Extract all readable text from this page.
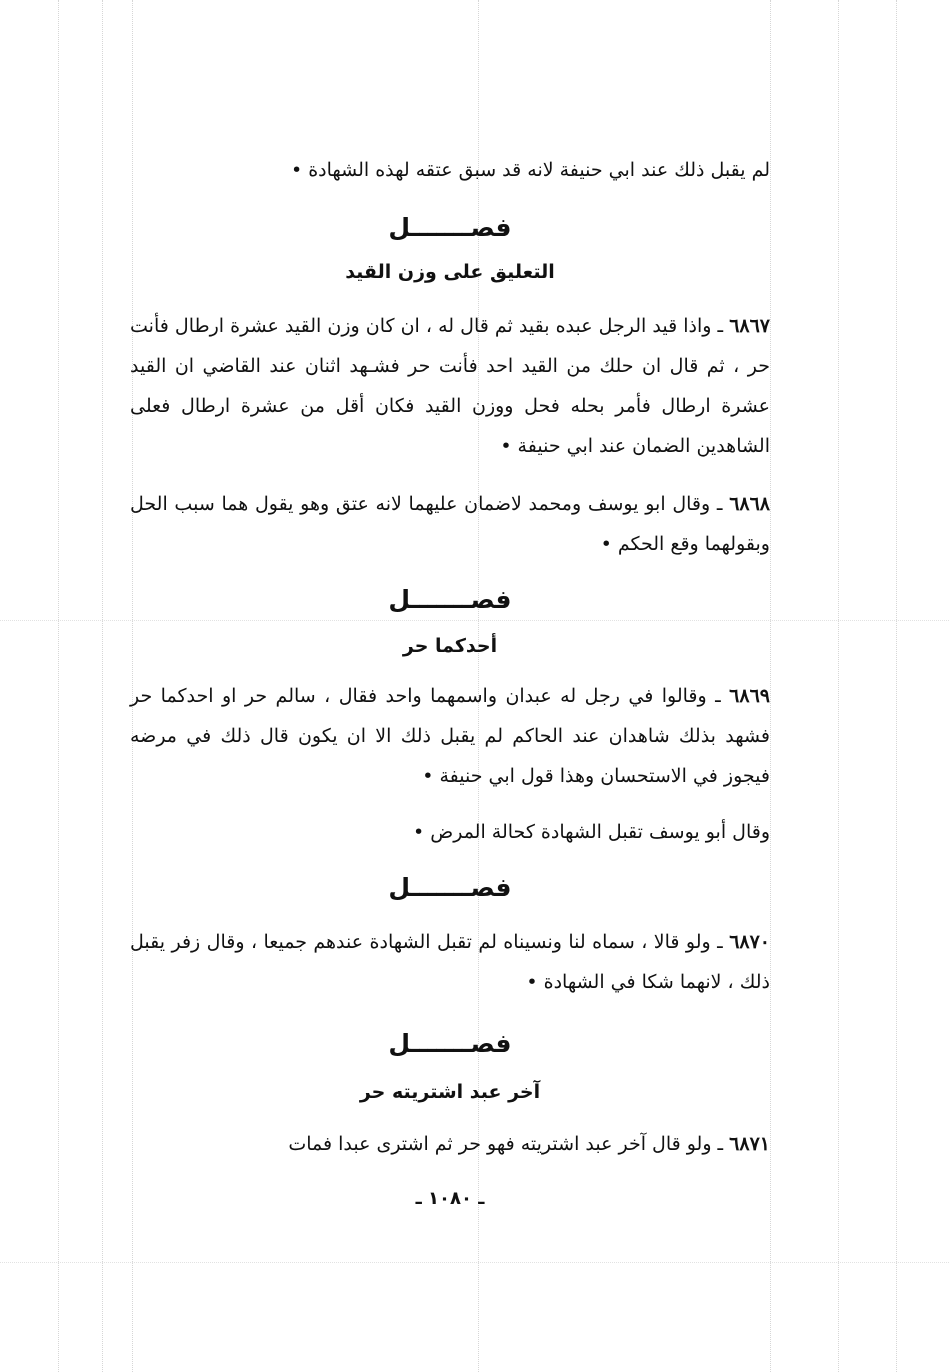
لم يقبل ذلك عند ابي حنيفة لانه قد سبق عتقه لهذه الشهادة •
فصـــــــل
التعليق على وزن القيد
٦٨٦٧ ـ واذا قيد الرجل عبده بقيد ثم قال له ، ان كان وزن القيد عشرة ارطال فأنت حر ، ثم قال ان حلك من القيد احد فأنت حر فشـهد اثنان عند القاضي ان القيد عشرة ارطال فأمر بحله فحل ووزن القيد فكان أقل من عشرة ارطال فعلى الشاهدين الضمان عند ابي حنيفة •
٦٨٦٨ ـ وقال ابو يوسف ومحمد لاضمان عليهما لانه عتق وهو يقول هما سبب الحل وبقولهما وقع الحكم •
فصـــــــل
أحدكما حر
٦٨٦٩ ـ وقالوا في رجل له عبدان واسمهما واحد فقال ، سالم حر او احدكما حر فشهد بذلك شاهدان عند الحاكم لم يقبل ذلك الا ان يكون قال ذلك في مرضه فيجوز في الاستحسان وهذا قول ابي حنيفة •
وقال أبو يوسف تقبل الشهادة كحالة المرض •
فصـــــــل
٦٨٧٠ ـ ولو قالا ، سماه لنا ونسيناه لم تقبل الشهادة عندهم جميعا ، وقال زفر يقبل ذلك ، لانهما شكا في الشهادة •
فصـــــــل
آخر عبد اشتريته حر
٦٨٧١ ـ ولو قال آخر عبد اشتريته فهو حر ثم اشترى عبدا فمات
ـ ١٠٨٠ ـ
